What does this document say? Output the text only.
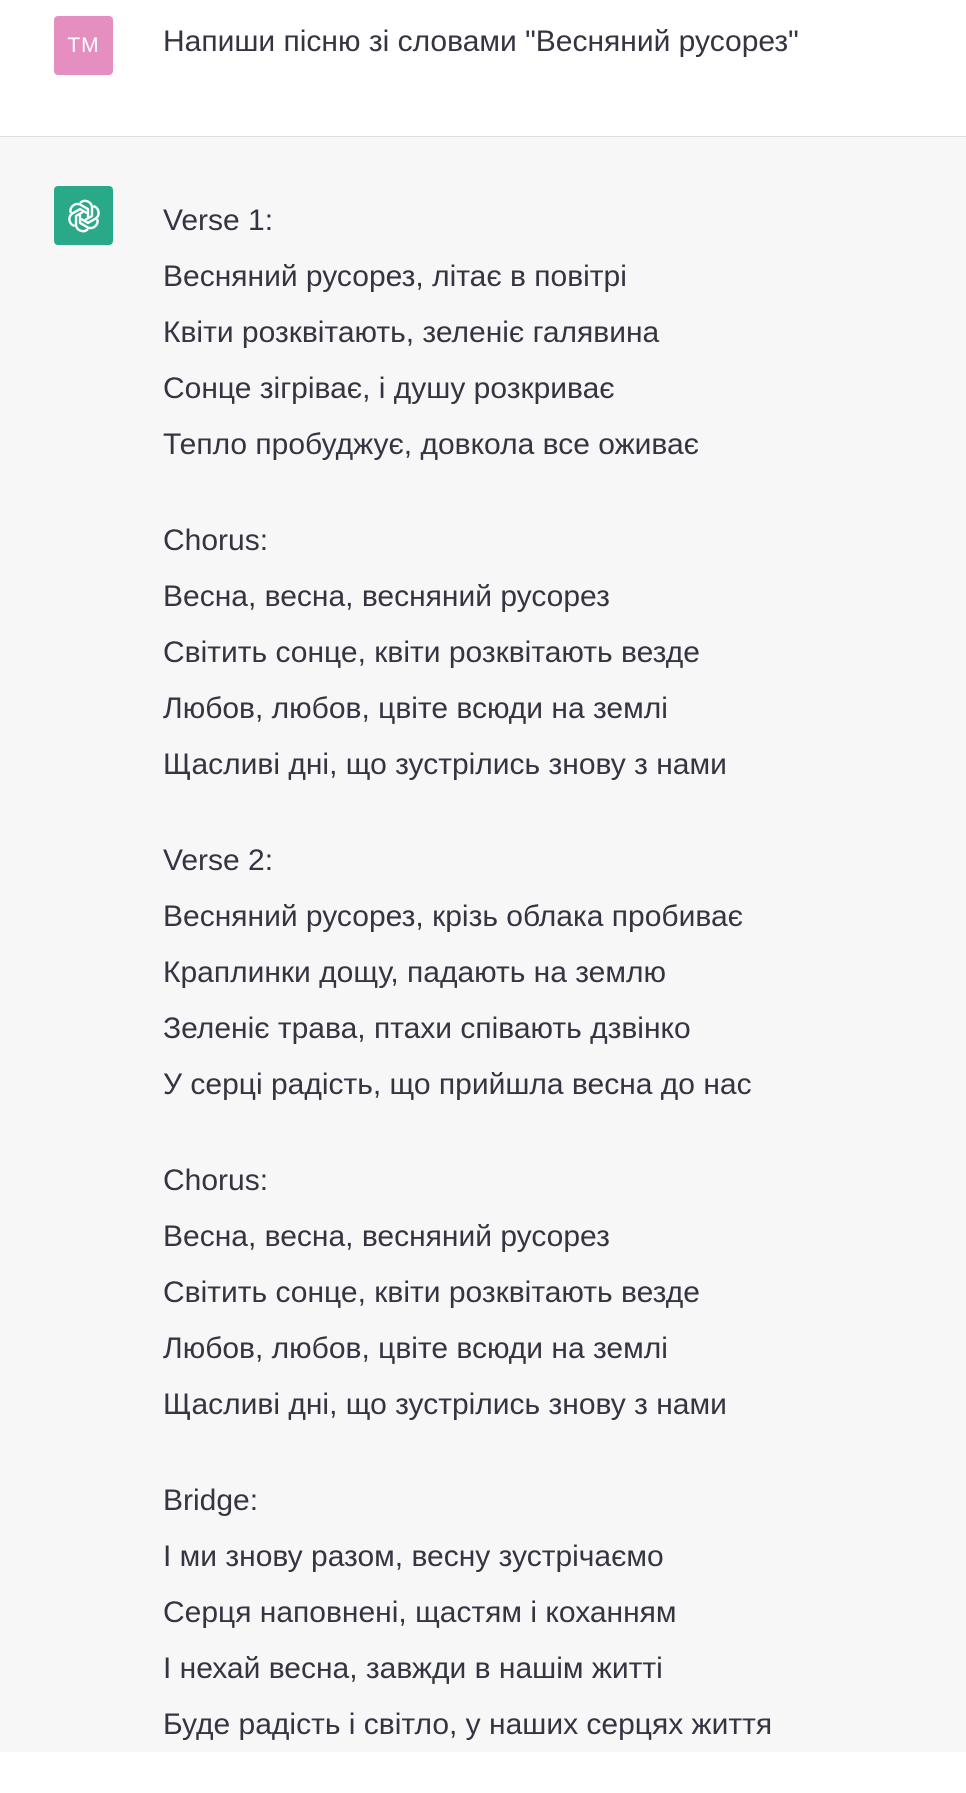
TM Напиши пісню зі словами "Весняний русорез"
Verse 1:
Весняний русорез, літає в повітрі
Квіти розквітають, зеленіє галявина
Сонце зігріває, і душу розкриває
Тепло пробуджує, довкола все оживає
Chorus:
Весна, весна, весняний русорез
Світить сонце, квіти розквітають везде
Любов, любов, цвіте всюди на землі
Щасливі дні, що зустрілись знову з нами
Verse 2:
Весняний русорез, крізь облака пробиває
Краплинки дощу, падають на землю
Зеленіє трава, птахи співають дзвінко
У серці радість, що прийшла весна до нас
Chorus:
Весна, весна, весняний русорез
Світить сонце, квіти розквітають везде
Любов, любов, цвіте всюди на землі
Щасливі дні, що зустрілись знову з нами
Bridge:
І ми знову разом, весну зустрічаємо
Серця наповнені, щастям і коханням
І нехай весна, завжди в нашім житті
Буде радість і світло, у наших серцях життя
